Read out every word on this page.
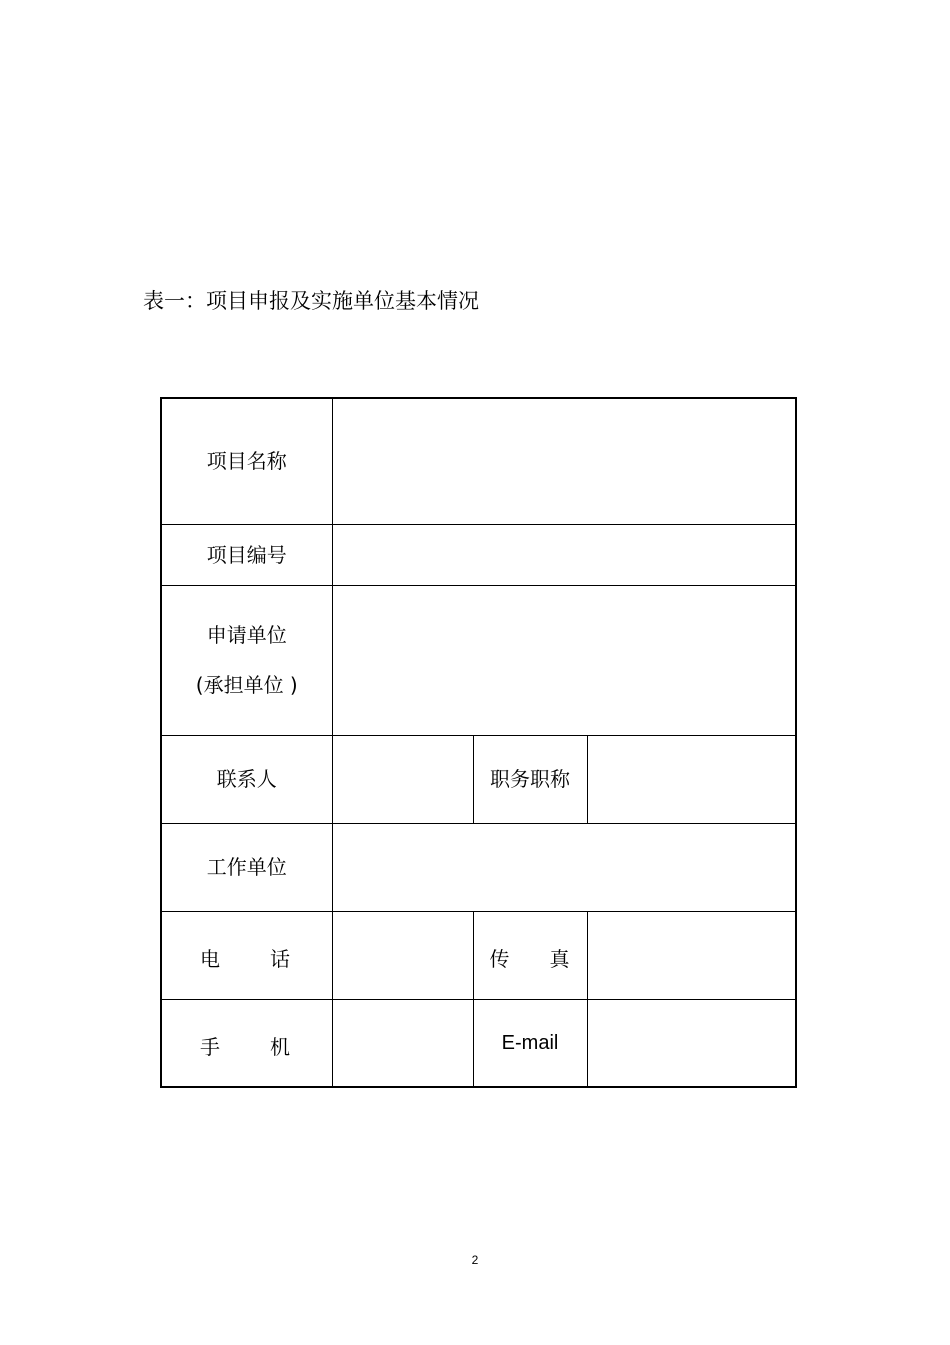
表一：项目申报及实施单位基本情况
项目名称			

项目编号			

申请单位
(承担单位 )			

联系人		职务职称	

工作单位			

电 话		传 真	

手 机		E-mail	

2
